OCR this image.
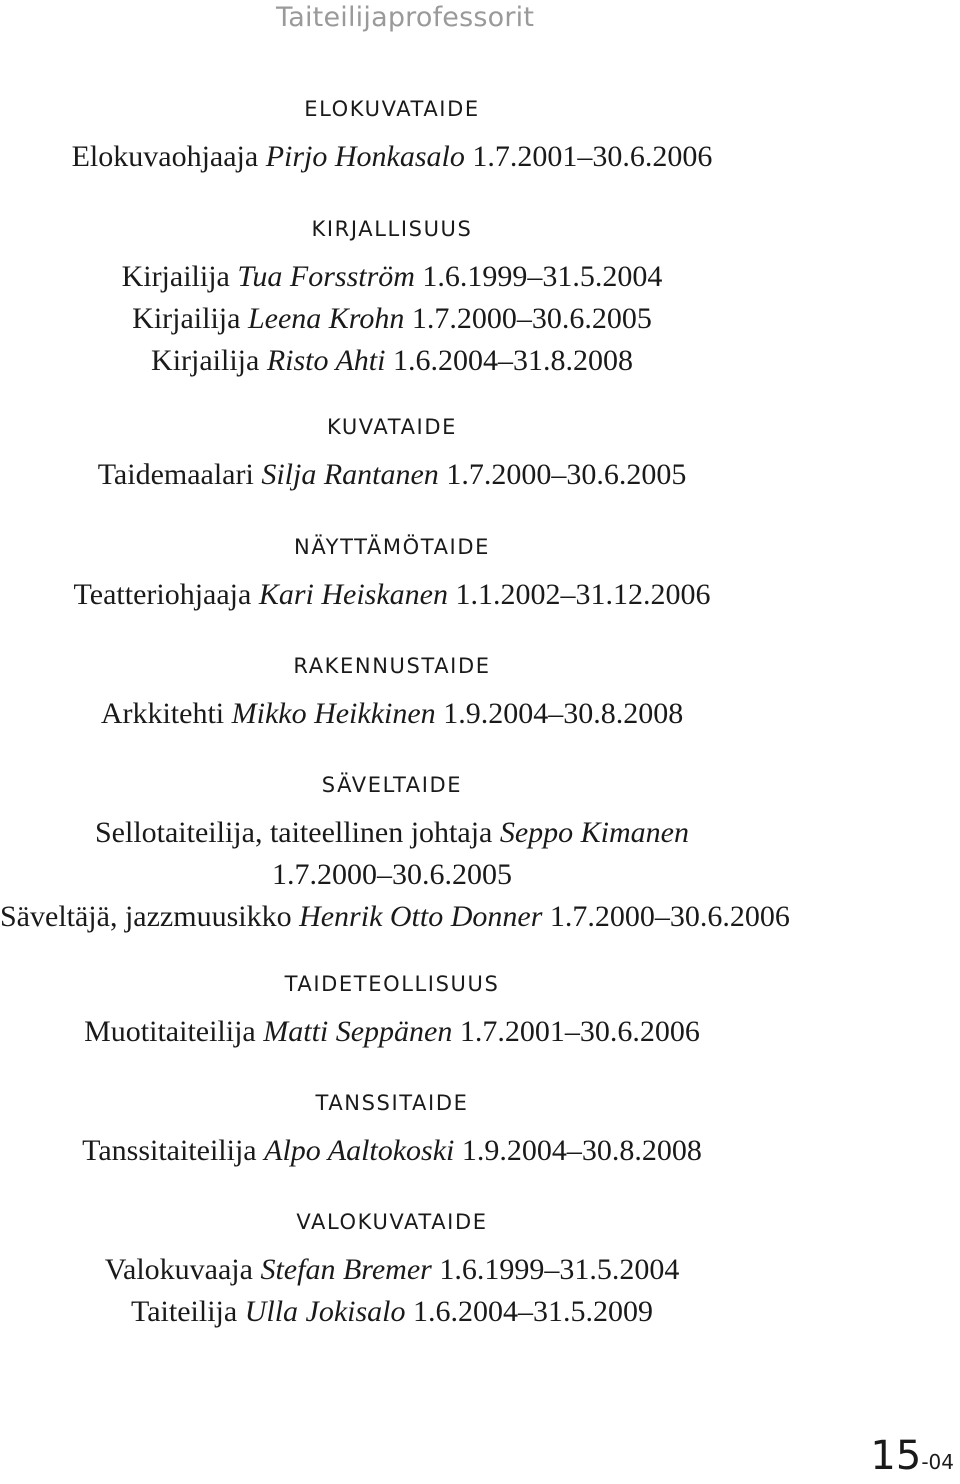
Taiteilijaprofessorit
ELOKUVATAIDE
Elokuvaohjaaja Pirjo Honkasalo 1.7.2001–30.6.2006
KIRJALLISUUS
Kirjailija Tua Forsström 1.6.1999–31.5.2004
Kirjailija Leena Krohn 1.7.2000–30.6.2005
Kirjailija Risto Ahti 1.6.2004–31.8.2008
KUVATAIDE
Taidemaalari Silja Rantanen 1.7.2000–30.6.2005
NÄYTTÄMÖTAIDE
Teatteriohjaaja Kari Heiskanen 1.1.2002–31.12.2006
RAKENNUSTAIDE
Arkkitehti Mikko Heikkinen 1.9.2004–30.8.2008
SÄVELTAIDE
Sellotaiteilija, taiteellinen johtaja Seppo Kimanen
1.7.2000–30.6.2005
Säveltäjä, jazzmuusikko Henrik Otto Donner 1.7.2000–30.6.2006
TAIDETEOLLISUUS
Muotitaiteilija Matti Seppänen 1.7.2001–30.6.2006
TANSSITAIDE
Tanssitaiteilija Alpo Aaltokoski 1.9.2004–30.8.2008
VALOKUVATAIDE
Valokuvaaja Stefan Bremer 1.6.1999–31.5.2004
Taiteilija Ulla Jokisalo 1.6.2004–31.5.2009
15-04
